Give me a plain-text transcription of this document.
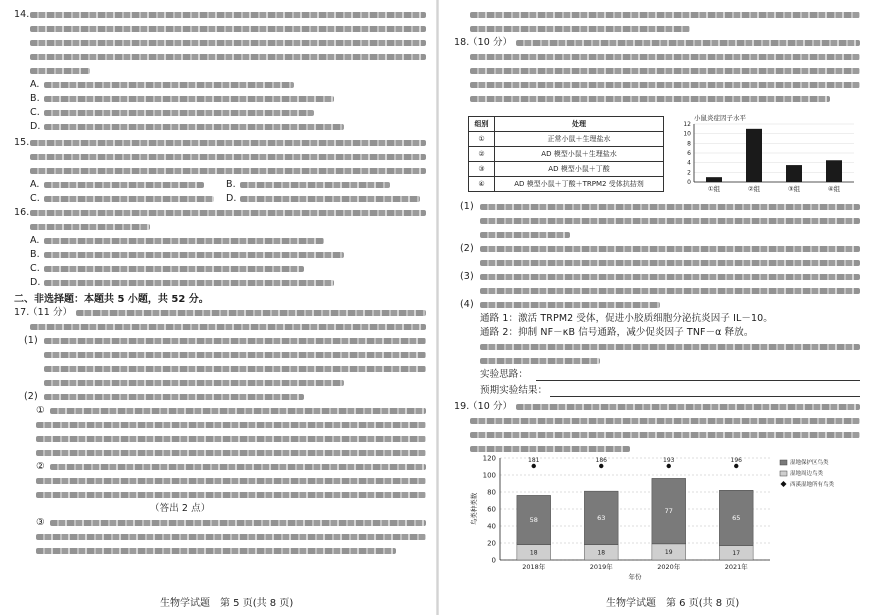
14.
A.
B.
C.
D.
15.
A.	B.
C.	D.
16.
A.
B.
C.
D.
二、非选择题：本题共 5 小题，共 52 分。
17.
（11 分）
(1)
(2)
①
②
（答出 2 点）
③
生物学试题　第 5 页(共 8 页)
18.
（10 分）
组别	处理
①	正常小鼠＋生理盐水
②	AD 模型小鼠＋生理盐水
③	AD 模型小鼠＋丁酸
④	AD 模型小鼠＋丁酸＋TRPM2 受体抗拮剂
小鼠炎症因子水平
0
2
4
6
8
10
12
①组	②组	③组	④组
(1)
(2)
(3)
(4)
通路 1：激活 TRPM2 受体，促进小胶质细胞分泌抗炎因子 IL－10。
通路 2：抑制 NF－κB 信号通路，减少促炎因子 TNF－α 释放。
实验思路：
预期实验结果：
19.
（10 分）
0
20
40
60
80
100
120
鸟类种类数
18
58
181
2018年
18
63
186
2019年
19
77
193
2020年
17
65
196
2021年
年份
湿地保护区鸟类
湿地周边鸟类
西溪湿地所有鸟类
生物学试题　第 6 页(共 8 页)
